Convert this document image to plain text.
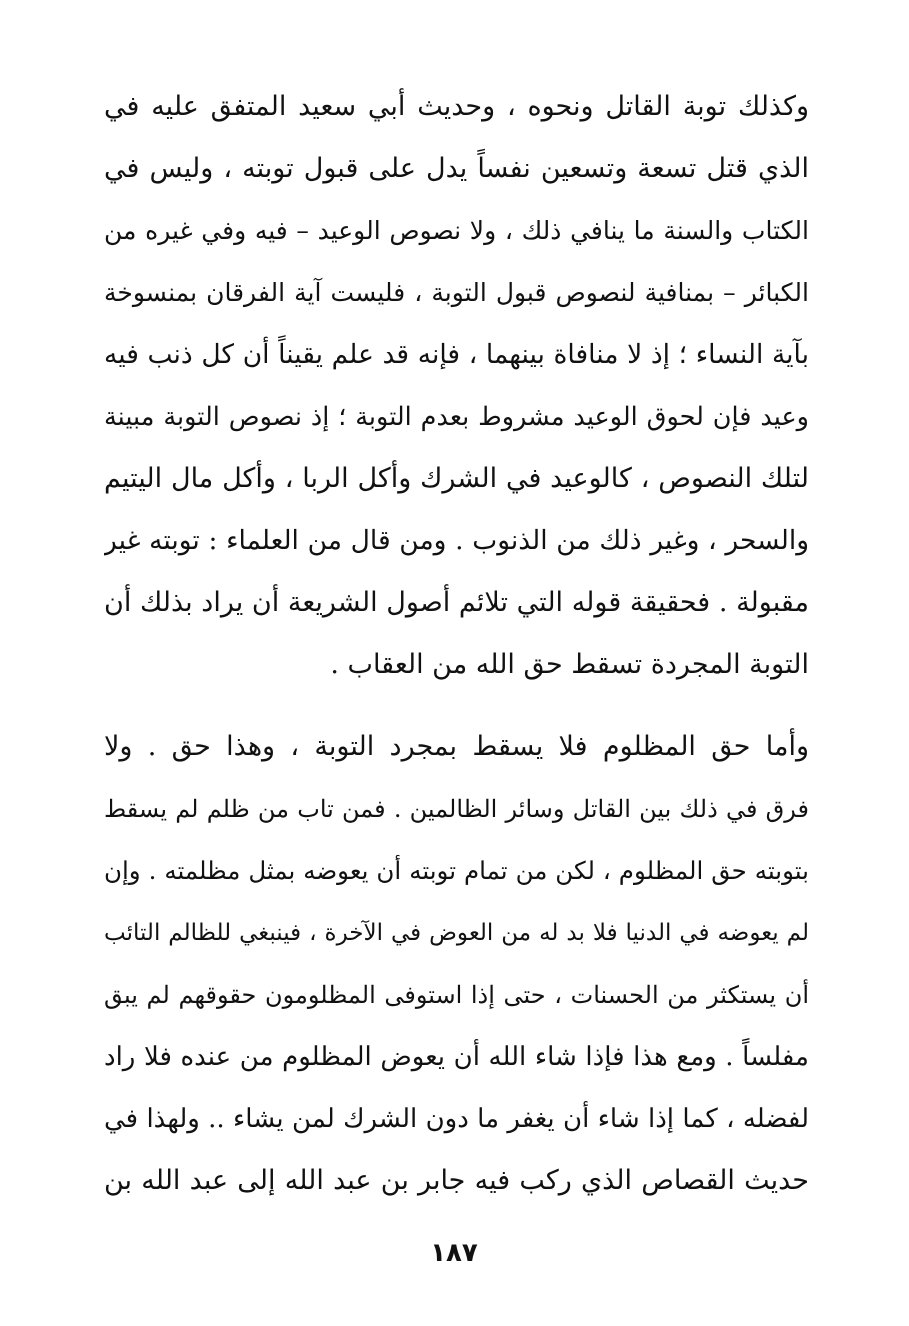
وكذلك توبة القاتل ونحوه ، وحديث أبي سعيد المتفق عليه في
الذي قتل تسعة وتسعين نفساً يدل على قبول توبته ، وليس في
الكتاب والسنة ما ينافي ذلك ، ولا نصوص الوعيد – فيه وفي غيره من
الكبائر – بمنافية لنصوص قبول التوبة ، فليست آية الفرقان بمنسوخة
بآية النساء ؛ إذ لا منافاة بينهما ، فإنه قد علم يقيناً أن كل ذنب فيه
وعيد فإن لحوق الوعيد مشروط بعدم التوبة ؛ إذ نصوص التوبة مبينة
لتلك النصوص ، كالوعيد في الشرك وأكل الربا ، وأكل مال اليتيم
والسحر ، وغير ذلك من الذنوب . ومن قال من العلماء : توبته غير
مقبولة . فحقيقة قوله التي تلائم أصول الشريعة أن يراد بذلك أن
التوبة المجردة تسقط حق الله من العقاب .
وأما حق المظلوم فلا يسقط بمجرد التوبة ، وهذا حق . ولا
فرق في ذلك بين القاتل وسائر الظالمين . فمن تاب من ظلم لم يسقط
بتوبته حق المظلوم ، لكن من تمام توبته أن يعوضه بمثل مظلمته . وإن
لم يعوضه في الدنيا فلا بد له من العوض في الآخرة ، فينبغي للظالم التائب
أن يستكثر من الحسنات ، حتى إذا استوفى المظلومون حقوقهم لم يبق
مفلساً . ومع هذا فإذا شاء الله أن يعوض المظلوم من عنده فلا راد
لفضله ، كما إذا شاء أن يغفر ما دون الشرك لمن يشاء .. ولهذا في
حديث القصاص الذي ركب فيه جابر بن عبد الله إلى عبد الله بن
١٨٧
